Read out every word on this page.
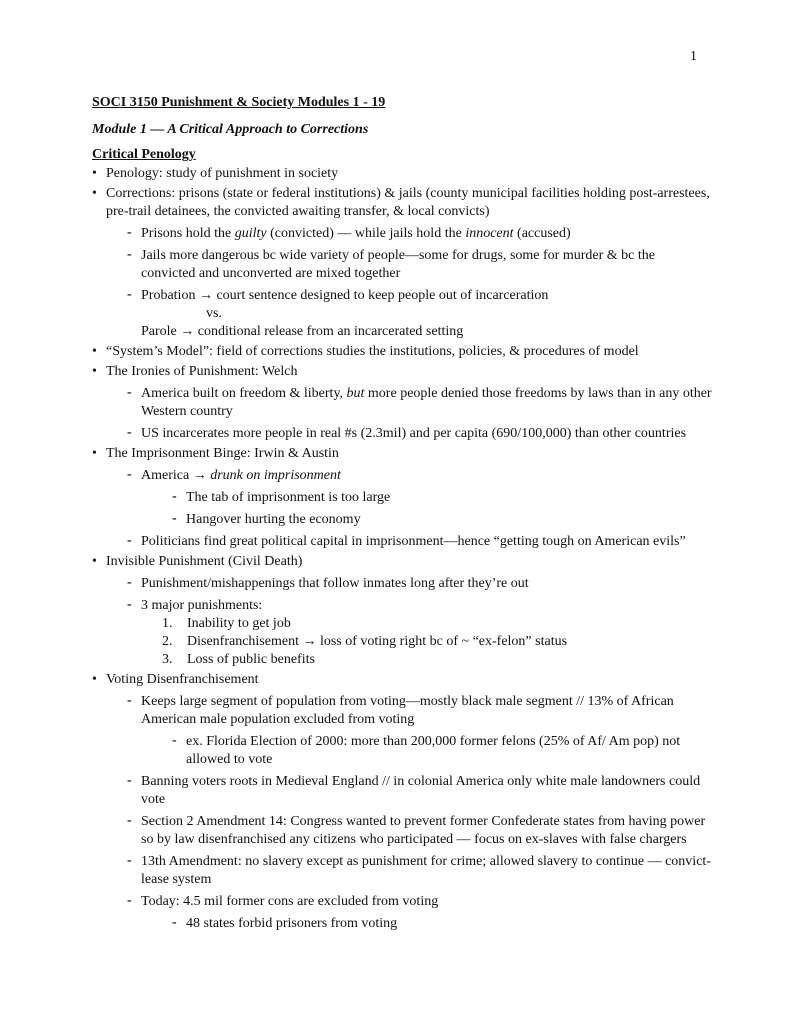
1
SOCI 3150 Punishment & Society Modules 1 - 19
Module 1 — A Critical Approach to Corrections
Critical Penology
• Penology: study of punishment in society
• Corrections: prisons (state or federal institutions) & jails (county municipal facilities holding post-arrestees, pre-trail detainees, the convicted awaiting transfer, & local convicts)
- Prisons hold the guilty (convicted) — while jails hold the innocent (accused)
- Jails more dangerous bc wide variety of people—some for drugs, some for murder & bc the convicted and unconverted are mixed together
- Probation → court sentence designed to keep people out of incarceration
vs.
Parole → conditional release from an incarcerated setting
• “System’s Model”: field of corrections studies the institutions, policies, & procedures of model
• The Ironies of Punishment: Welch
- America built on freedom & liberty, but more people denied those freedoms by laws than in any other Western country
- US incarcerates more people in real #s (2.3mil) and per capita (690/100,000) than other countries
• The Imprisonment Binge: Irwin & Austin
- America → drunk on imprisonment
- The tab of imprisonment is too large
- Hangover hurting the economy
- Politicians find great political capital in imprisonment—hence “getting tough on American evils”
• Invisible Punishment (Civil Death)
- Punishment/mishappenings that follow inmates long after they’re out
- 3 major punishments:
1. Inability to get job
2. Disenfranchisement → loss of voting right bc of ~ “ex-felon” status
3. Loss of public benefits
• Voting Disenfranchisement
- Keeps large segment of population from voting—mostly black male segment // 13% of African American male population excluded from voting
- ex. Florida Election of 2000: more than 200,000 former felons (25% of Af/ Am pop) not allowed to vote
- Banning voters roots in Medieval England // in colonial America only white male landowners could vote
- Section 2 Amendment 14: Congress wanted to prevent former Confederate states from having power so by law disenfranchised any citizens who participated — focus on ex-slaves with false chargers
- 13th Amendment: no slavery except as punishment for crime; allowed slavery to continue — convict-lease system
- Today: 4.5 mil former cons are excluded from voting
- 48 states forbid prisoners from voting
